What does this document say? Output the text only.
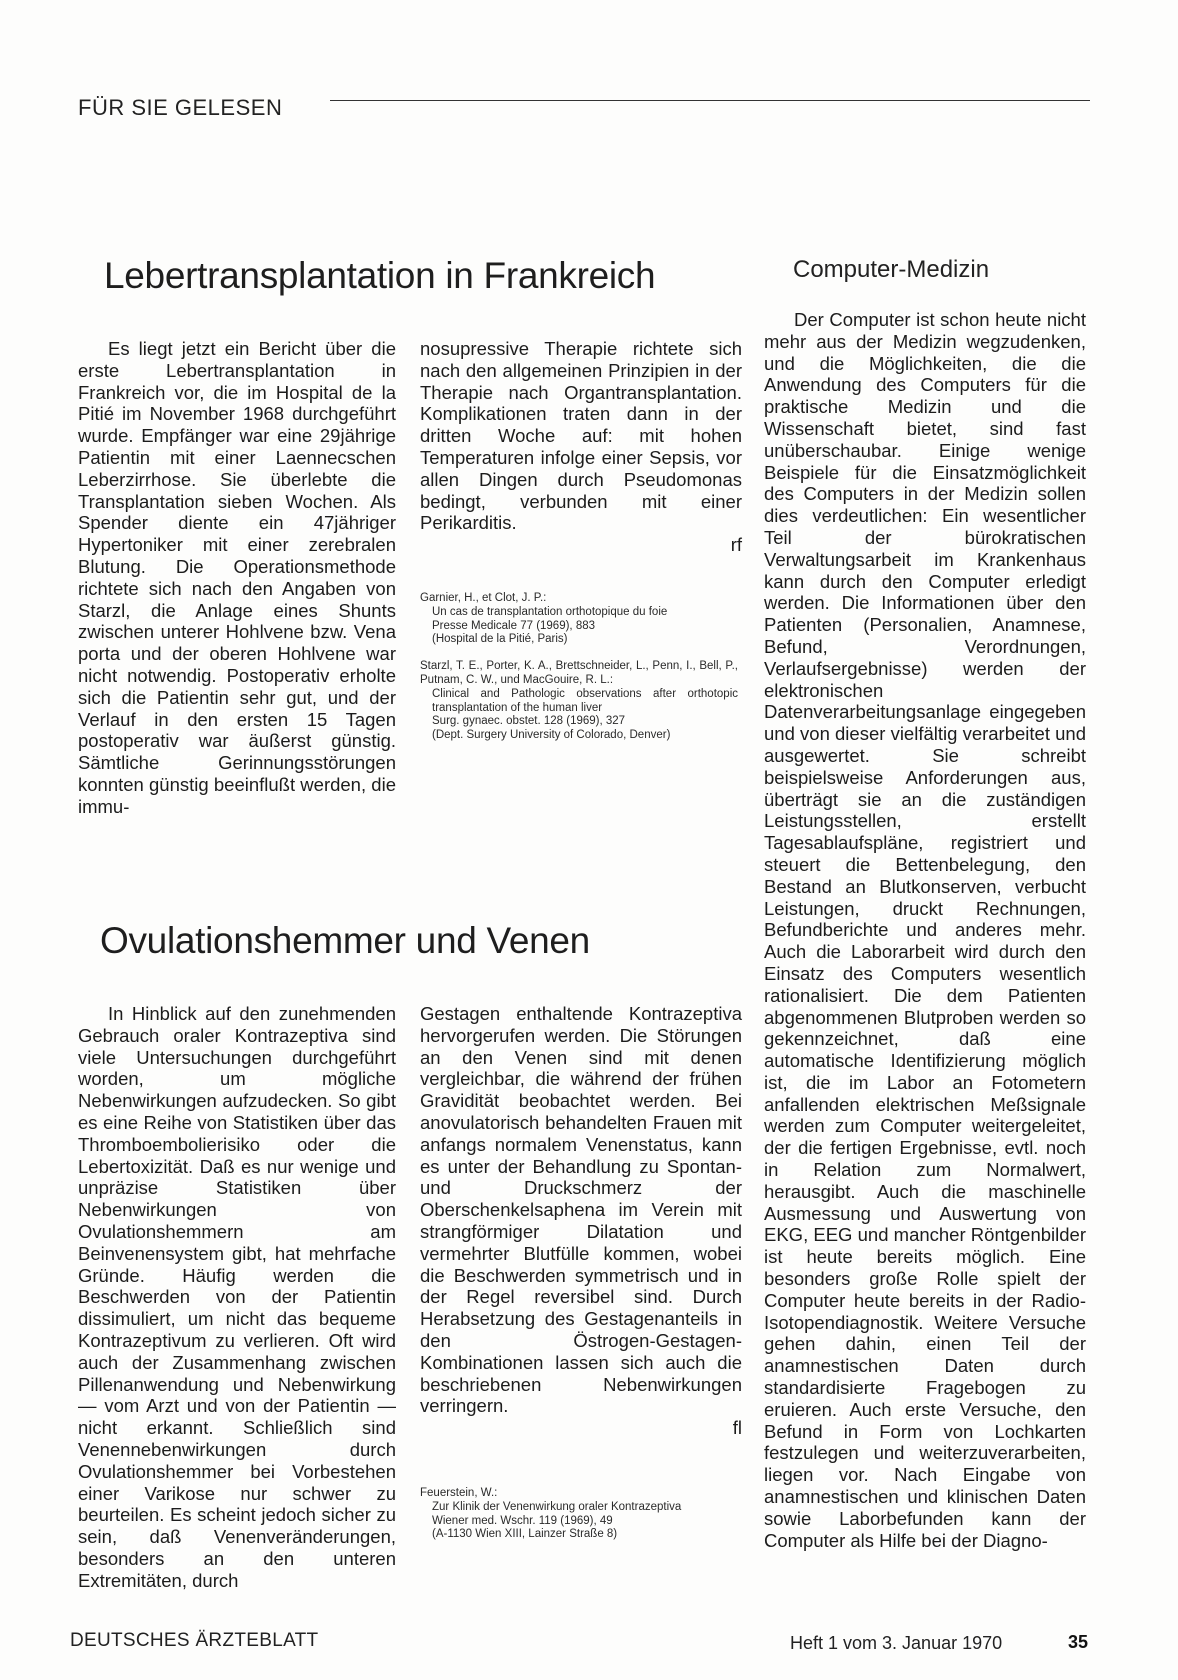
FÜR SIE GELESEN
Lebertransplantation in Frankreich

Es liegt jetzt ein Bericht über die erste Lebertransplantation in Frankreich vor, die im Hospital de la Pitié im November 1968 durchgeführt wurde. Empfänger war eine 29jährige Patientin mit einer Laennecschen Leberzirrhose. Sie überlebte die Transplantation sieben Wochen. Als Spender diente ein 47jähriger Hypertoniker mit einer zerebralen Blutung. Die Operationsmethode richtete sich nach den Angaben von Starzl, die Anlage eines Shunts zwischen unterer Hohlvene bzw. Vena porta und der oberen Hohlvene war nicht notwendig. Postoperativ erholte sich die Patientin sehr gut, und der Verlauf in den ersten 15 Tagen postoperativ war äußerst günstig. Sämtliche Gerinnungsstörungen konnten günstig beeinflußt werden, die immu-

nosupressive Therapie richtete sich nach den allgemeinen Prinzipien in der Therapie nach Organtransplantation. Komplikationen traten dann in der dritten Woche auf: mit hohen Temperaturen infolge einer Sepsis, vor allen Dingen durch Pseudomonas bedingt, verbunden mit einer Perikarditis.

rf
Garnier, H., et Clot, J. P.:
Un cas de transplantation orthotopique du foie
Presse Medicale 77 (1969), 883
(Hospital de la Pitié, Paris)
Starzl, T. E., Porter, K. A., Brettschneider, L., Penn, I., Bell, P., Putnam, C. W., und MacGouire, R. L.:
Clinical and Pathologic observations after orthotopic transplantation of the human liver
Surg. gynaec. obstet. 128 (1969), 327
(Dept. Surgery University of Colorado, Denver)
Ovulationshemmer und Venen

In Hinblick auf den zunehmenden Gebrauch oraler Kontrazeptiva sind viele Untersuchungen durchgeführt worden, um mögliche Nebenwirkungen aufzudecken. So gibt es eine Reihe von Statistiken über das Thromboembolierisiko oder die Lebertoxizität. Daß es nur wenige und unpräzise Statistiken über Nebenwirkungen von Ovulationshemmern am Beinvenensystem gibt, hat mehrfache Gründe. Häufig werden die Beschwerden von der Patientin dissimuliert, um nicht das bequeme Kontrazeptivum zu verlieren. Oft wird auch der Zusammenhang zwischen Pillenanwendung und Nebenwirkung — vom Arzt und von der Patientin — nicht erkannt. Schließlich sind Venennebenwirkungen durch Ovulationshemmer bei Vorbestehen einer Varikose nur schwer zu beurteilen. Es scheint jedoch sicher zu sein, daß Venenveränderungen, besonders an den unteren Extremitäten, durch

Gestagen enthaltende Kontrazeptiva hervorgerufen werden. Die Störungen an den Venen sind mit denen vergleichbar, die während der frühen Gravidität beobachtet werden. Bei anovulatorisch behandelten Frauen mit anfangs normalem Venenstatus, kann es unter der Behandlung zu Spontan- und Druckschmerz der Oberschenkelsaphena im Verein mit strangförmiger Dilatation und vermehrter Blutfülle kommen, wobei die Beschwerden symmetrisch und in der Regel reversibel sind. Durch Herabsetzung des Gestagenanteils in den Östrogen-Gestagen-Kombinationen lassen sich auch die beschriebenen Nebenwirkungen verringern.

fl
Feuerstein, W.:
Zur Klinik der Venenwirkung oraler Kontrazeptiva
Wiener med. Wschr. 119 (1969), 49
(A-1130 Wien XIII, Lainzer Straße 8)
Computer-Medizin

Der Computer ist schon heute nicht mehr aus der Medizin wegzudenken, und die Möglichkeiten, die die Anwendung des Computers für die praktische Medizin und die Wissenschaft bietet, sind fast unüberschaubar. Einige wenige Beispiele für die Einsatzmöglichkeit des Computers in der Medizin sollen dies verdeutlichen: Ein wesentlicher Teil der bürokratischen Verwaltungsarbeit im Krankenhaus kann durch den Computer erledigt werden. Die Informationen über den Patienten (Personalien, Anamnese, Befund, Verordnungen, Verlaufsergebnisse) werden der elektronischen Datenverarbeitungsanlage eingegeben und von dieser vielfältig verarbeitet und ausgewertet. Sie schreibt beispielsweise Anforderungen aus, überträgt sie an die zuständigen Leistungsstellen, erstellt Tagesablaufspläne, registriert und steuert die Bettenbelegung, den Bestand an Blutkonserven, verbucht Leistungen, druckt Rechnungen, Befundberichte und anderes mehr. Auch die Laborarbeit wird durch den Einsatz des Computers wesentlich rationalisiert. Die dem Patienten abgenommenen Blutproben werden so gekennzeichnet, daß eine automatische Identifizierung möglich ist, die im Labor an Fotometern anfallenden elektrischen Meßsignale werden zum Computer weitergeleitet, der die fertigen Ergebnisse, evtl. noch in Relation zum Normalwert, herausgibt. Auch die maschinelle Ausmessung und Auswertung von EKG, EEG und mancher Röntgenbilder ist heute bereits möglich. Eine besonders große Rolle spielt der Computer heute bereits in der Radio-Isotopendiagnostik. Weitere Versuche gehen dahin, einen Teil der anamnestischen Daten durch standardisierte Fragebogen zu eruieren. Auch erste Versuche, den Befund in Form von Lochkarten festzulegen und weiterzuverarbeiten, liegen vor. Nach Eingabe von anamnestischen und klinischen Daten sowie Laborbefunden kann der Computer als Hilfe bei der Diagno-

DEUTSCHES ÄRZTEBLATT	Heft 1 vom 3. Januar 1970	35
